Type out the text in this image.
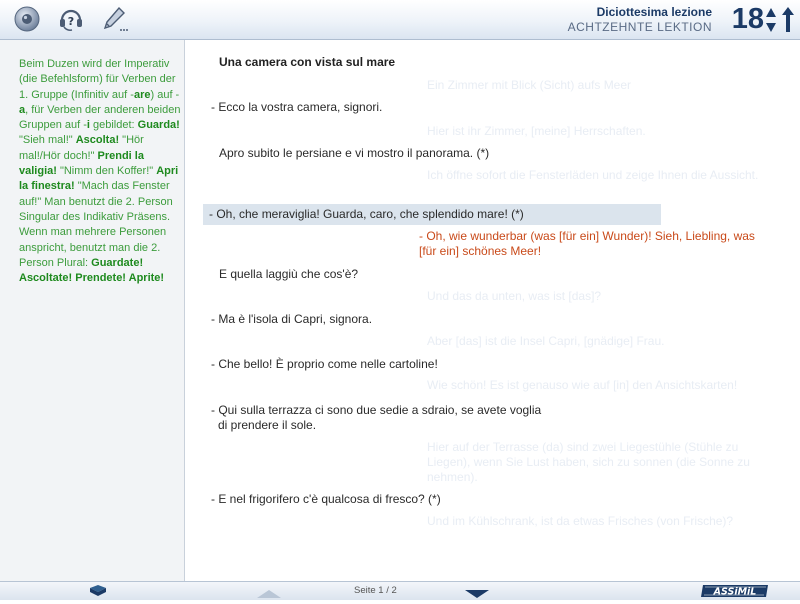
?
Diciottesima lezione
ACHTZEHNTE LEKTION 18
Beim Duzen wird der Imperativ (die Befehlsform) für Verben der 1. Gruppe (Infinitiv auf -are) auf -a, für Verben der anderen beiden Gruppen auf -i gebildet: Guarda! "Sieh mal!" Ascolta! "Hör mal!/Hör doch!" Prendi la valigia! "Nimm den Koffer!" Apri la finestra! "Mach das Fenster auf!" Man benutzt die 2. Person Singular des Indikativ Präsens. Wenn man mehrere Personen anspricht, benutzt man die 2. Person Plural: Guardate! Ascoltate! Prendete! Aprite!
Una camera con vista sul mare
- Ecco la vostra camera, signori.
Apro subito le persiane e vi mostro il panorama. (*)
- Oh, che meraviglia! Guarda, caro, che splendido mare! (*)
E quella laggiù che cos'è?
- Ma è l'isola di Capri, signora.
- Che bello! È proprio come nelle cartoline!
- Qui sulla terrazza ci sono due sedie a sdraio, se avete voglia
di prendere il sole.
- E nel frigorifero c'è qualcosa di fresco? (*)
Ein Zimmer mit Blick (Sicht) aufs Meer
Hier ist ihr Zimmer, [meine] Herrschaften.
Ich öffne sofort die Fensterläden und zeige Ihnen die Aussicht.
- Oh, wie wunderbar (was [für ein] Wunder)! Sieh, Liebling, was [für ein] schönes Meer!
Und das da unten, was ist [das]?
Aber [das] ist die Insel Capri, [gnädige] Frau.
Wie schön! Es ist genauso wie auf [in] den Ansichtskarten!
Hier auf der Terrasse (da) sind zwei Liegestühle (Stühle zu Liegen), wenn Sie Lust haben, sich zu sonnen (die Sonne zu nehmen).
Und im Kühlschrank, ist da etwas Frisches (von Frische)?
Seite 1 / 2	ASSiMiL
